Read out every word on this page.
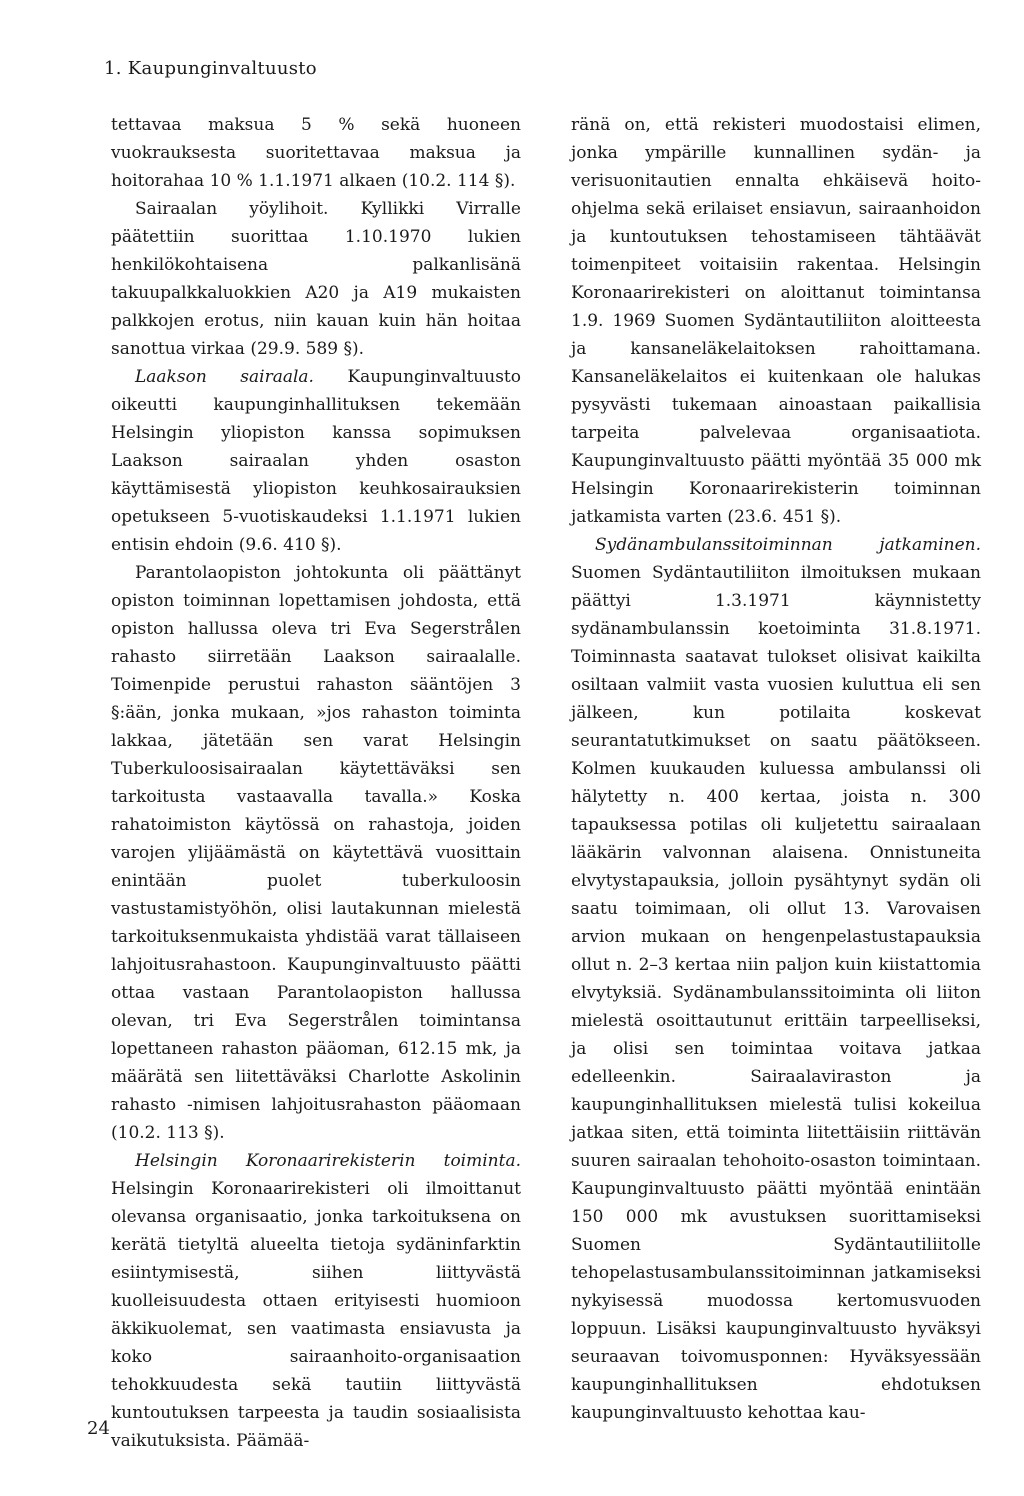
1. Kaupunginvaltuusto

tettavaa maksua 5 % sekä huoneen vuokrauksesta suoritettavaa maksua ja hoitorahaa 10 % 1.1.1971 alkaen (10.2. 114 §).

Sairaalan yöylihoit. Kyllikki Virralle päätettiin suorittaa 1.10.1970 lukien henkilökohtaisena palkanlisänä takuupalkkaluokkien A20 ja A19 mukaisten palkkojen erotus, niin kauan kuin hän hoitaa sanottua virkaa (29.9. 589 §).

Laakson sairaala. Kaupunginvaltuusto oikeutti kaupunginhallituksen tekemään Helsingin yliopiston kanssa sopimuksen Laakson sairaalan yhden osaston käyttämisestä yliopiston keuhkosairauksien opetukseen 5-vuotiskaudeksi 1.1.1971 lukien entisin ehdoin (9.6. 410 §).

Parantolaopiston johtokunta oli päättänyt opiston toiminnan lopettamisen johdosta, että opiston hallussa oleva tri Eva Segerstrålen rahasto siirretään Laakson sairaalalle. Toimenpide perustui rahaston sääntöjen 3 §:ään, jonka mukaan, »jos rahaston toiminta lakkaa, jätetään sen varat Helsingin Tuberkuloosisairaalan käytettäväksi sen tarkoitusta vastaavalla tavalla.» Koska rahatoimiston käytössä on rahastoja, joiden varojen ylijäämästä on käytettävä vuosittain enintään puolet tuberkuloosin vastustamistyöhön, olisi lautakunnan mielestä tarkoituksenmukaista yhdistää varat tällaiseen lahjoitusrahastoon. Kaupunginvaltuusto päätti ottaa vastaan Parantolaopiston hallussa olevan, tri Eva Segerstrålen toimintansa lopettaneen rahaston pääoman, 612.15 mk, ja määrätä sen liitettäväksi Charlotte Askolinin rahasto -nimisen lahjoitusrahaston pääomaan (10.2. 113 §).

Helsingin Koronaarirekisterin toiminta. Helsingin Koronaarirekisteri oli ilmoittanut olevansa organisaatio, jonka tarkoituksena on kerätä tietyltä alueelta tietoja sydäninfarktin esiintymisestä, siihen liittyvästä kuolleisuudesta ottaen erityisesti huomioon äkkikuolemat, sen vaatimasta ensiavusta ja koko sairaanhoito-organisaation tehokkuudesta sekä tautiin liittyvästä kuntoutuksen tarpeesta ja taudin sosiaalisista vaikutuksista. Päämää-

ränä on, että rekisteri muodostaisi elimen, jonka ympärille kunnallinen sydän- ja verisuonitautien ennalta ehkäisevä hoito-ohjelma sekä erilaiset ensiavun, sairaanhoidon ja kuntoutuksen tehostamiseen tähtäävät toimenpiteet voitaisiin rakentaa. Helsingin Koronaarirekisteri on aloittanut toimintansa 1.9. 1969 Suomen Sydäntautiliiton aloitteesta ja kansaneläkelaitoksen rahoittamana. Kansaneläkelaitos ei kuitenkaan ole halukas pysyvästi tukemaan ainoastaan paikallisia tarpeita palvelevaa organisaatiota. Kaupunginvaltuusto päätti myöntää 35 000 mk Helsingin Koronaarirekisterin toiminnan jatkamista varten (23.6. 451 §).

Sydänambulanssitoiminnan jatkaminen. Suomen Sydäntautiliiton ilmoituksen mukaan päättyi 1.3.1971 käynnistetty sydänambulanssin koetoiminta 31.8.1971. Toiminnasta saatavat tulokset olisivat kaikilta osiltaan valmiit vasta vuosien kuluttua eli sen jälkeen, kun potilaita koskevat seurantatutkimukset on saatu päätökseen. Kolmen kuukauden kuluessa ambulanssi oli hälytetty n. 400 kertaa, joista n. 300 tapauksessa potilas oli kuljetettu sairaalaan lääkärin valvonnan alaisena. Onnistuneita elvytystapauksia, jolloin pysähtynyt sydän oli saatu toimimaan, oli ollut 13. Varovaisen arvion mukaan on hengenpelastustapauksia ollut n. 2–3 kertaa niin paljon kuin kiistattomia elvytyksiä. Sydänambulanssitoiminta oli liiton mielestä osoittautunut erittäin tarpeelliseksi, ja olisi sen toimintaa voitava jatkaa edelleenkin. Sairaalaviraston ja kaupunginhallituksen mielestä tulisi kokeilua jatkaa siten, että toiminta liitettäisiin riittävän suuren sairaalan tehohoito-osaston toimintaan. Kaupunginvaltuusto päätti myöntää enintään 150 000 mk avustuksen suorittamiseksi Suomen Sydäntautiliitolle tehopelastusambulanssitoiminnan jatkamiseksi nykyisessä muodossa kertomusvuoden loppuun. Lisäksi kaupunginvaltuusto hyväksyi seuraavan toivomusponnen: Hyväksyessään kaupunginhallituksen ehdotuksen kaupunginvaltuusto kehottaa kau-

24
